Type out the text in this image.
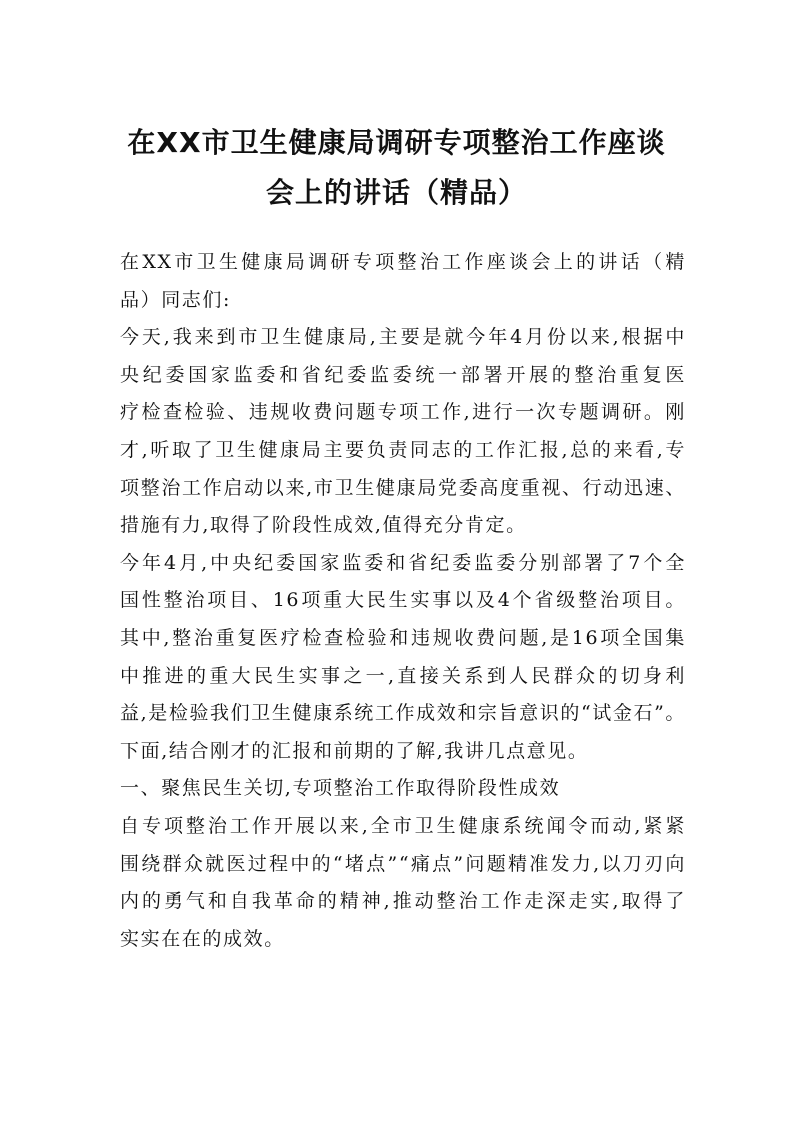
在XX市卫生健康局调研专项整治工作座谈
会上的讲话（精品）
在XX市卫生健康局调研专项整治工作座谈会上的讲话（精
品）同志们:
今天,我来到市卫生健康局,主要是就今年4月份以来,根据中
央纪委国家监委和省纪委监委统一部署开展的整治重复医
疗检查检验、违规收费问题专项工作,进行一次专题调研。刚
才,听取了卫生健康局主要负责同志的工作汇报,总的来看,专
项整治工作启动以来,市卫生健康局党委高度重视、行动迅速、
措施有力,取得了阶段性成效,值得充分肯定。
今年4月,中央纪委国家监委和省纪委监委分别部署了7个全
国性整治项目、16项重大民生实事以及4个省级整治项目。
其中,整治重复医疗检查检验和违规收费问题,是16项全国集
中推进的重大民生实事之一,直接关系到人民群众的切身利
益,是检验我们卫生健康系统工作成效和宗旨意识的“试金石”。
下面,结合刚才的汇报和前期的了解,我讲几点意见。
一、聚焦民生关切,专项整治工作取得阶段性成效
自专项整治工作开展以来,全市卫生健康系统闻令而动,紧紧
围绕群众就医过程中的“堵点”“痛点”问题精准发力,以刀刃向
内的勇气和自我革命的精神,推动整治工作走深走实,取得了
实实在在的成效。
